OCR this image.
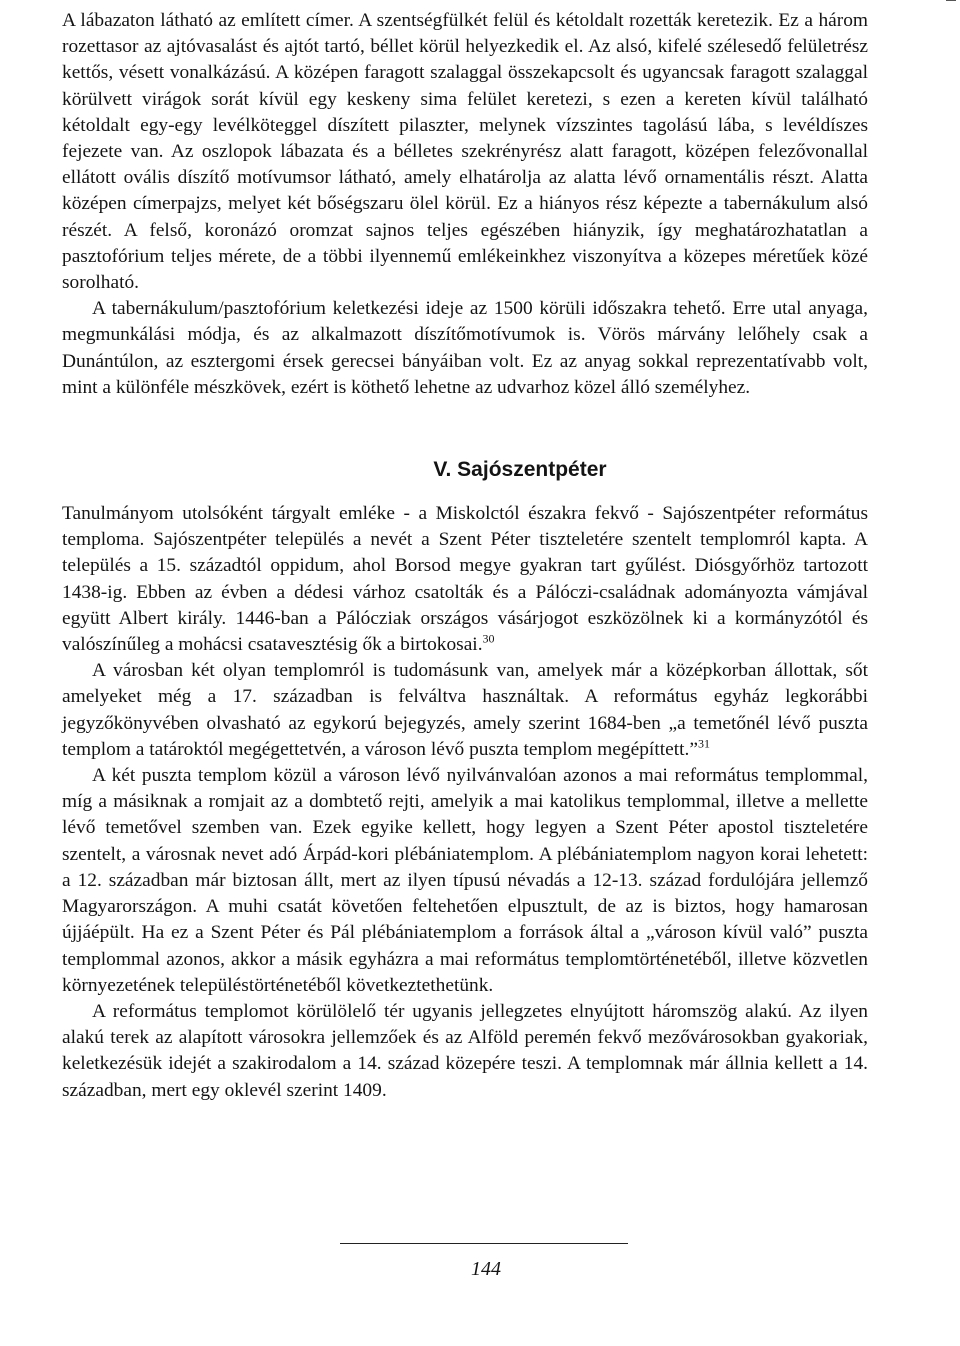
A lábazaton látható az említett címer. A szentségfülkét felül és kétoldalt rozetták keretezik. Ez a három rozettasor az ajtóvasalást és ajtót tartó, béllet körül helyezkedik el. Az alsó, kifelé szélesedő felületrész kettős, vésett vonalkázású. A középen faragott szalaggal összekapcsolt és ugyancsak faragott szalaggal körülvett virágok sorát kívül egy keskeny sima felület keretezi, s ezen a kereten kívül található kétoldalt egy-egy levélköteggel díszített pilaszter, melynek vízszintes tagolású lába, s levéldíszes fejezete van. Az oszlopok lábazata és a bélletes szekrényrész alatt faragott, középen felezővonallal ellátott ovális díszítő motívumsor látható, amely elhatárolja az alatta lévő ornamentális részt. Alatta középen címerpajzs, melyet két bőségszaru ölel körül. Ez a hiányos rész képezte a tabernákulum alsó részét. A felső, koronázó oromzat sajnos teljes egészében hiányzik, így meghatározhatatlan a pasztofórium teljes mérete, de a többi ilyennemű emlékeinkhez viszonyítva a közepes méretűek közé sorolható.

A tabernákulum/pasztofórium keletkezési ideje az 1500 körüli időszakra tehető. Erre utal anyaga, megmunkálási módja, és az alkalmazott díszítőmotívumok is. Vörös márvány lelőhely csak a Dunántúlon, az esztergomi érsek gerecsei bányáiban volt. Ez az anyag sokkal reprezentatívabb volt, mint a különféle mészkövek, ezért is köthető lehetne az udvarhoz közel álló személyhez.

V. Sajószentpéter

Tanulmányom utolsóként tárgyalt emléke - a Miskolctól északra fekvő - Sajószentpéter református temploma. Sajószentpéter település a nevét a Szent Péter tiszteletére szentelt templomról kapta. A település a 15. századtól oppidum, ahol Borsod megye gyakran tart gyűlést. Diósgyőrhöz tartozott 1438-ig. Ebben az évben a dédesi várhoz csatolták és a Pálóczi-családnak adományozta vámjával együtt Albert király. 1446-ban a Pálócziak országos vásárjogot eszközölnek ki a kormányzótól és valószínűleg a mohácsi csatavesztésig ők a birtokosai.$^{30}$

A városban két olyan templomról is tudomásunk van, amelyek már a középkorban állottak, sőt amelyeket még a 17. században is felváltva használtak. A református egyház legkorábbi jegyzőkönyvében olvasható az egykorú bejegyzés, amely szerint 1684-ben „a temetőnél lévő puszta templom a tatároktól megégettetvén, a városon lévő puszta templom megépíttett.”$^{31}$

A két puszta templom közül a városon lévő nyilvánvalóan azonos a mai református templommal, míg a másiknak a romjait az a dombtető rejti, amelyik a mai katolikus templommal, illetve a mellette lévő temetővel szemben van. Ezek egyike kellett, hogy legyen a Szent Péter apostol tiszteletére szentelt, a városnak nevet adó Árpád-kori plébániatemplom. A plébániatemplom nagyon korai lehetett: a 12. században már biztosan állt, mert az ilyen típusú névadás a 12-13. század fordulójára jellemző Magyarországon. A muhi csatát követően feltehetően elpusztult, de az is biztos, hogy hamarosan újjáépült. Ha ez a Szent Péter és Pál plébániatemplom a források által a „városon kívül való” puszta templommal azonos, akkor a másik egyházra a mai református templomtörténetéből, illetve közvetlen környezetének településtörténetéből következtethetünk.

A református templomot körülölelő tér ugyanis jellegzetes elnyújtott háromszög alakú. Az ilyen alakú terek az alapított városokra jellemzőek és az Alföld peremén fekvő mezővárosokban gyakoriak, keletkezésük idejét a szakirodalom a 14. század közepére teszi. A templomnak már állnia kellett a 14. században, mert egy oklevél szerint 1409.

144
